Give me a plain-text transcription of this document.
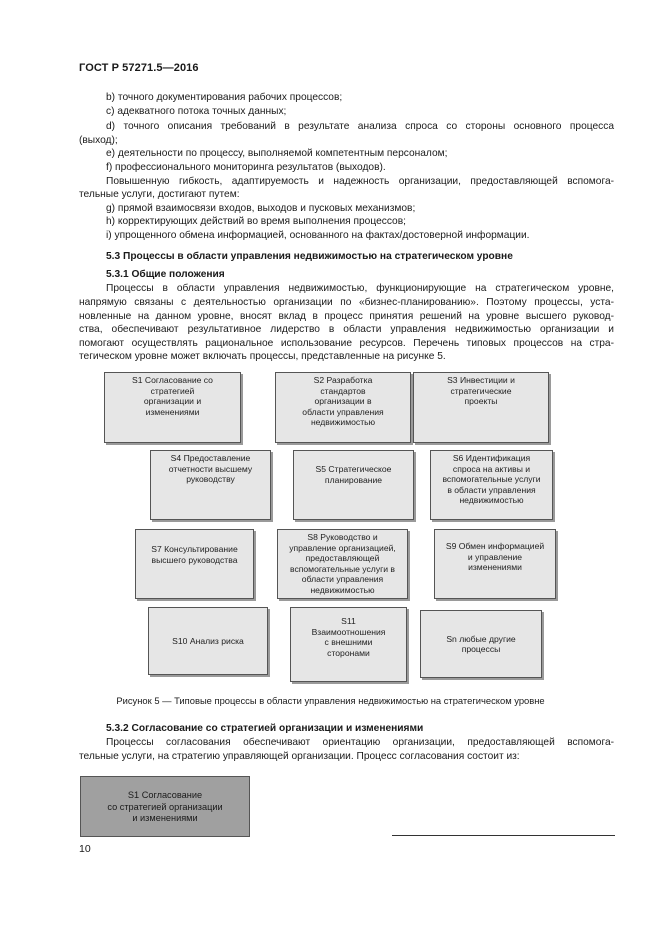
ГОСТ Р 57271.5—2016
b) точного документирования рабочих процессов;
c) адекватного потока точных данных;
d) точного описания требований в результате анализа спроса со стороны основного процесса
(выход);
e) деятельности по процессу, выполняемой компетентным персоналом;
f) профессионального мониторинга результатов (выходов).
Повышенную гибкость, адаптируемость и надежность организации, предоставляющей вспомога-
тельные услуги, достигают путем:
g) прямой взаимосвязи входов, выходов и пусковых механизмов;
h) корректирующих действий во время выполнения процессов;
i) упрощенного обмена информацией, основанного на фактах/достоверной информации.
5.3 Процессы в области управления недвижимостью на стратегическом уровне
5.3.1 Общие положения
Процессы в области управления недвижимостью, функционирующие на стратегическом уровне,
напрямую связаны с деятельностью организации по «бизнес-планированию». Поэтому процессы, уста-
новленные на данном уровне, вносят вклад в процесс принятия решений на уровне высшего руковод-
ства, обеспечивают результативное лидерство в области управления недвижимостью организации и
помогают осуществлять рациональное использование ресурсов. Перечень типовых процессов на стра-
тегическом уровне может включать процессы, представленные на рисунке 5.
S1 Согласование со
стратегией
организации и
изменениями
S2 Разработка
стандартов
организации в
области управления
недвижимостью
S3 Инвестиции и
стратегические
проекты
S4 Предоставление
отчетности высшему
руководству
S5 Стратегическое
планирование
S6 Идентификация
спроса на активы и
вспомогательные услуги
в области управления
недвижимостью
S7 Консультирование
высшего руководства
S8 Руководство и
управление организацией,
предоставляющей
вспомогательные услуги в
области управления
недвижимостью
S9 Обмен информацией
и управление
изменениями
S10 Анализ риска
S11
Взаимоотношения
с внешними
сторонами
Sn любые другие
процессы
Рисунок 5 — Типовые процессы в области управления недвижимостью на стратегическом уровне
5.3.2 Согласование со стратегией организации и изменениями
Процессы согласования обеспечивают ориентацию организации, предоставляющей вспомога-
тельные услуги, на стратегию управляющей организации. Процесс согласования состоит из:
S1 Согласование
со стратегией организации
и изменениями
10
